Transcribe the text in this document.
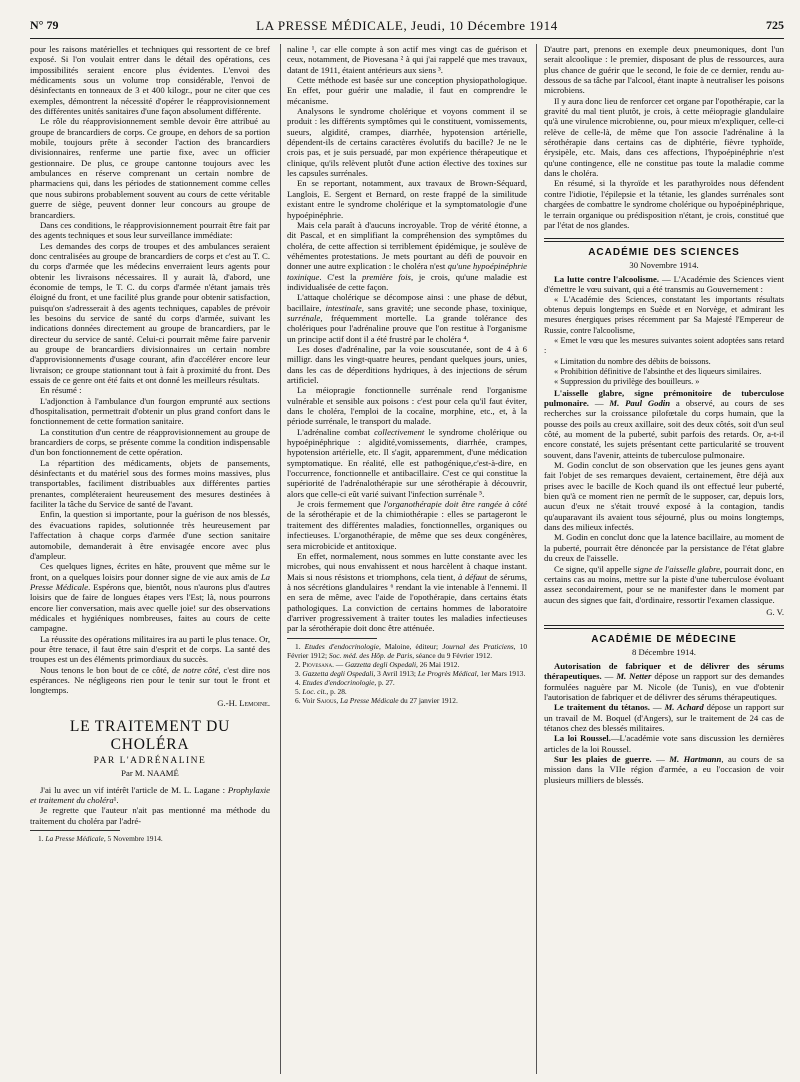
N° 79	LA PRESSE MÉDICALE, Jeudi, 10 Décembre 1914	725

pour les raisons matérielles et techniques qui ressortent de ce bref exposé. Si l'on voulait entrer dans le détail des opérations, ces impossibilités seraient encore plus évidentes. L'envoi des médicaments sous un volume trop considérable, l'envoi de désinfectants en tonneaux de 3 et 400 kilogr., pour ne citer que ces exemples, démontrent la nécessité d'opérer le réapprovisionnement des différentes unités sanitaires d'une façon absolument différente.

Le rôle du réapprovisionnement semble devoir être attribué au groupe de brancardiers de corps. Ce groupe, en dehors de sa portion mobile, toujours prête à seconder l'action des brancardiers divisionnaires, renferme une partie fixe, avec un officier gestionnaire. De plus, ce groupe cantonne toujours avec les ambulances en réserve comprenant un certain nombre de pharmaciens qui, dans les périodes de stationnement comme celles que nous subirons probablement souvent au cours de cette véritable guerre de siège, peuvent donner leur concours au groupe de brancardiers.

Dans ces conditions, le réapprovisionnement pourrait être fait par des agents techniques et sous leur surveillance immédiate:

Les demandes des corps de troupes et des ambulances seraient donc centralisées au groupe de brancardiers de corps et c'est au T. C. du corps d'armée que les médecins enverraient leurs agents pour obtenir les livraisons nécessaires. Il y aurait là, d'abord, une économie de temps, le T. C. du corps d'armée n'étant jamais très éloigné du front, et une facilité plus grande pour obtenir satisfaction, puisqu'on s'adresserait à des agents techniques, capables de prévoir les besoins du service de santé du corps d'armée, suivant les indications données directement au groupe de brancardiers, par le directeur du service de santé. Celui-ci pourrait même faire parvenir au groupe de brancardiers divisionnaires un certain nombre d'approvisionnements d'usage courant, afin d'accélérer encore leur livraison; ce groupe stationnant tout à fait à proximité du front. Des essais de ce genre ont été faits et ont donné les meilleurs résultats.

En résumé :

L'adjonction à l'ambulance d'un fourgon emprunté aux sections d'hospitalisation, permettrait d'obtenir un plus grand confort dans le fonctionnement de cette formation sanitaire.

La constitution d'un centre de réapprovisionnement au groupe de brancardiers de corps, se présente comme la condition indispensable d'un bon fonctionnement de cette opération.

La répartition des médicaments, objets de pansements, désinfectants et du matériel sous des formes moins massives, plus transportables, faciliment distribuables aux différentes parties prenantes, compléteraient heureusement des mesures destinées à faciliter la tâche du Service de santé de l'avant.

Enfin, la question si importante, pour la guérison de nos blessés, des évacuations rapides, solutionnée très heureusement par l'affectation à chaque corps d'armée d'une section sanitaire automobile, demanderait à être envisagée encore avec plus d'ampleur.

Ces quelques lignes, écrites en hâte, prouvent que même sur le front, on a quelques loisirs pour donner signe de vie aux amis de La Presse Médicale. Espérons que, bientôt, nous n'aurons plus d'autres loisirs que de faire de longues étapes vers l'Est; là, nous pourrons encore lier conversation, mais avec quelle joie! sur des observations médicales et hygiéniques nombreuses, faites au cours de cette campagne.

La réussite des opérations militaires ira au parti le plus tenace. Or, pour être tenace, il faut être sain d'esprit et de corps. La santé des troupes est un des éléments primordiaux du succès.

Nous tenons le bon bout de ce côté, de notre côté, c'est dire nos espérances. Ne négligeons rien pour le tenir sur tout le front et longtemps.

G.-H. Lemoine.

LE TRAITEMENT DU CHOLÉRA
PAR L'ADRÉNALINE
Par M. NAAMÉ

J'ai lu avec un vif intérêt l'article de M. L. Lagane : Prophylaxie et traitement du choléra¹.

Je regrette que l'auteur n'ait pas mentionné ma méthode du traitement du choléra par l'adré-

1. La Presse Médicale, 5 Novembre 1914.

naline ¹, car elle compte à son actif mes vingt cas de guérison et ceux, notamment, de Piovesana ² à qui j'ai rappelé que mes travaux, datant de 1911, étaient antérieurs aux siens ³.

Cette méthode est basée sur une conception physiopathologique. En effet, pour guérir une maladie, il faut en comprendre le mécanisme.

Analysons le syndrome cholérique et voyons comment il se produit : les différents symptômes qui le constituent, vomissements, sueurs, algidité, crampes, diarrhée, hypotension artérielle, dépendent-ils de certains caractères évolutifs du bacille? Je ne le crois pas, et je suis persuadé, par mon expérience thérapeutique et clinique, qu'ils relèvent plutôt d'une action élective des toxines sur les capsules surrénales.

En se reportant, notamment, aux travaux de Brown-Séquard, Langlois, E. Sergent et Bernard, on reste frappé de la similitude existant entre le syndrome cholérique et la symptomatologie d'une hypoépinéphrie.

Mais cela paraît à d'aucuns incroyable. Trop de vérité étonne, a dit Pascal, et en simplifiant la compréhension des symptômes du choléra, de cette affection si terriblement épidémique, je soulève de véhémentes protestations. Je mets pourtant au défi de pouvoir en donner une autre explication : le choléra n'est qu'une hypoépinéphrie toxinique. C'est la première fois, je crois, qu'une maladie est individualisée de cette façon.

L'attaque cholérique se décompose ainsi : une phase de début, bacillaire, intestinale, sans gravité; une seconde phase, toxinique, surrénale, fréquemment mortelle. La grande tolérance des cholériques pour l'adrénaline prouve que l'on restitue à l'organisme un principe actif dont il a été frustré par le choléra ⁴.

Les doses d'adrénaline, par la voie souscutanée, sont de 4 à 6 milligr. dans les vingt-quatre heures, pendant quelques jours, unies, dans les cas de déperditions hydriques, à des injections de sérum artificiel.

La méiopragie fonctionnelle surrénale rend l'organisme vulnérable et sensible aux poisons : c'est pour cela qu'il faut éviter, dans le choléra, l'emploi de la cocaïne, morphine, etc., et, à la période surrénale, le transport du malade.

L'adrénaline combat collectivement le syndrome cholérique ou hypoépinéphrique : algidité,vomissements, diarrhée, crampes, hypotension artérielle, etc. Il s'agit, apparemment, d'une médication symptomatique. En réalité, elle est pathogénique,c'est-à-dire, en l'occurrence, fonctionnelle et antibacillaire. C'est ce qui constitue la supériorité de l'adrénalothérapie sur une sérothérapie à découvrir, alors que celle-ci eût varié suivant l'infection surrénale ⁵.

Je crois fermement que l'organothérapie doit être rangée à côté de la sérothérapie et de la chimiothérapie : elles se partageront le traitement des différentes maladies, fonctionnelles, organiques ou infectieuses. L'organothérapie, de même que ses deux congénères, sera microbicide et antitoxique.

En effet, normalement, nous sommes en lutte constante avec les microbes, qui nous envahissent et nous harcèlent à chaque instant. Mais si nous résistons et triomphons, cela tient, à défaut de sérums, à nos sécrétions glandulaires ⁶ rendant la vie intenable à l'ennemi. Il en sera de même, avec l'aide de l'opothérapie, dans certains états pathologiques. La conviction de certains hommes de laboratoire d'arriver progressivement à traiter toutes les maladies infectieuses par la sérothérapie doit donc être atténuée.

1. Etudes d'endocrinologie, Maloine, éditeur; Journal des Praticiens, 10 Février 1912; Soc. méd. des Hôp. de Paris, séance du 9 Février 1912.

2. Piovesana. — Gazzetta degli Ospedali, 26 Mai 1912.

3. Gazzetta degli Ospedali, 3 Avril 1913; Le Progrès Médical, 1er Mars 1913.

4. Etudes d'endocrinologie, p. 27.

5. Loc. cit., p. 28.

6. Voir Sajous, La Presse Médicale du 27 janvier 1912.

D'autre part, prenons en exemple deux pneumoniques, dont l'un serait alcoolique : le premier, disposant de plus de ressources, aura plus chance de guérir que le second, le foie de ce dernier, rendu au-dessous de sa tâche par l'alcool, étant inapte à neutraliser les poisons microbiens.

Il y aura donc lieu de renforcer cet organe par l'opothérapie, car la gravité du mal tient plutôt, je crois, à cette méiopragie glandulaire qu'à une virulence microbienne, ou, pour mieux m'expliquer, celle-ci relève de celle-là, de même que l'on associe l'adrénaline à la sérothérapie dans certains cas de diphtérie, fièvre typhoïde, érysipèle, etc. Mais, dans ces affections, l'hypoépinéphrie n'est qu'une contingence, elle ne constitue pas toute la maladie comme dans le choléra.

En résumé, si la thyroïde et les parathyroïdes nous défendent contre l'idiotie, l'épilepsie et la tétanie, les glandes surrénales sont chargées de combattre le syndrome cholérique ou hypoépinéphrique, le terrain organique ou prédisposition n'étant, je crois, constitué que par l'état de nos glandes.

ACADÉMIE DES SCIENCES
30 Novembre 1914.

La lutte contre l'alcoolisme. — L'Académie des Sciences vient d'émettre le vœu suivant, qui a été transmis au Gouvernement :

« L'Académie des Sciences, constatant les importants résultats obtenus depuis longtemps en Suède et en Norvège, et admirant les mesures énergiques prises récemment par Sa Majesté l'Empereur de Russie, contre l'alcoolisme,

« Emet le vœu que les mesures suivantes soient adoptées sans retard :

« Limitation du nombre des débits de boissons.

« Prohibition définitive de l'absinthe et des liqueurs similaires.

« Suppression du privilège des bouilleurs. »

L'aisselle glabre, signe prémonitoire de tuberculose pulmonaire. — M. Paul Godin a observé, au cours de ses recherches sur la croissance pilofœtale du corps humain, que la pousse des poils au creux axillaire, soit des deux côtés, soit d'un seul côté, au moment de la puberté, subit parfois des retards. Or, a-t-il encore constaté, les sujets présentant cette particularité se trouvent souvent, dans l'avenir, atteints de tuberculose pulmonaire.

M. Godin conclut de son observation que les jeunes gens ayant fait l'objet de ses remarques devaient, certainement, être déjà aux prises avec le bacille de Koch quand ils ont effectué leur puberté, bien qu'à ce moment rien ne permît de le supposer, car, depuis lors, aucun d'eux ne s'était trouvé exposé à la contagion, tandis qu'auparavant ils avaient tous séjourné, plus ou moins longtemps, dans des milieux infectés.

M. Godin en conclut donc que la latence bacillaire, au moment de la puberté, pourrait être dénoncée par la persistance de l'état glabre du creux de l'aisselle.

Ce signe, qu'il appelle signe de l'aisselle glabre, pourrait donc, en certains cas au moins, mettre sur la piste d'une tuberculose évoluant assez secondairement, pour se ne manifester dans le moment par aucun des signes que fait, d'ordinaire, ressortir l'examen classique.

G. V.

ACADÉMIE DE MÉDECINE
8 Décembre 1914.

Autorisation de fabriquer et de délivrer des sérums thérapeutiques. — M. Netter dépose un rapport sur des demandes formulées naguère par M. Nicole (de Tunis), en vue d'obtenir l'autorisation de fabriquer et de délivrer des sérums thérapeutiques.

Le traitement du tétanos. — M. Achard dépose un rapport sur un travail de M. Boquel (d'Angers), sur le traitement de 24 cas de tétanos chez des blessés militaires.

La loi Roussel.—L'académie vote sans discussion les dernières articles de la loi Roussel.

Sur les plaies de guerre. — M. Hartmann, au cours de sa mission dans la VIIe région d'armée, a eu l'occasion de voir plusieurs milliers de blessés.
